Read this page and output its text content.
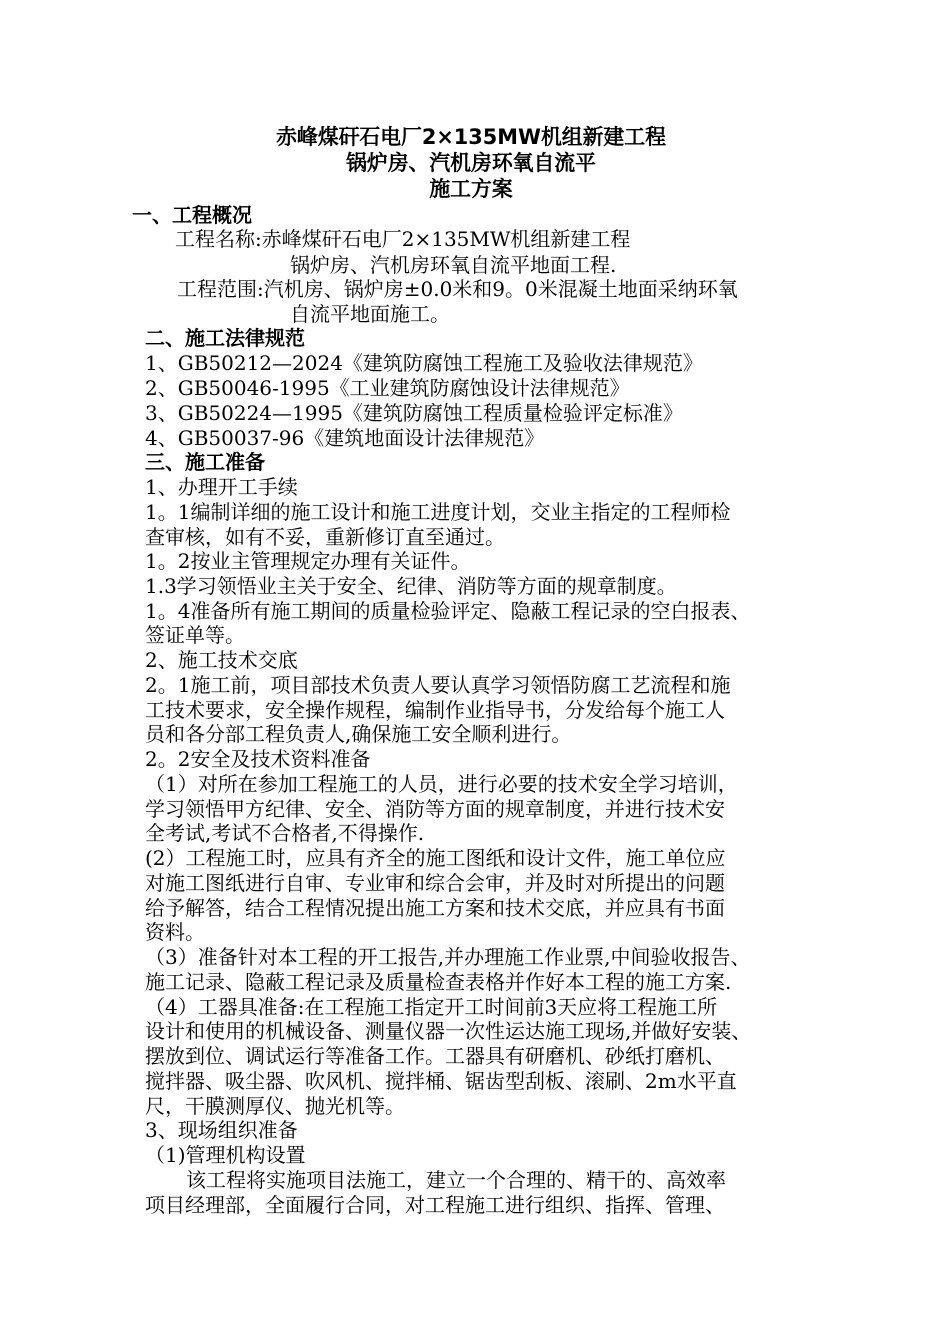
赤峰煤矸石电厂2×135MW机组新建工程
锅炉房、汽机房环氧自流平
施工方案
一、工程概况
工程名称:赤峰煤矸石电厂2×135MW机组新建工程
锅炉房、汽机房环氧自流平地面工程.
工程范围:汽机房、锅炉房±0.0米和9。0米混凝土地面采纳环氧
自流平地面施工。
二、施工法律规范
1、GB50212—2024《建筑防腐蚀工程施工及验收法律规范》
2、GB50046-1995《工业建筑防腐蚀设计法律规范》
3、GB50224—1995《建筑防腐蚀工程质量检验评定标准》
4、GB50037-96《建筑地面设计法律规范》
三、施工准备
1、办理开工手续
1。1编制详细的施工设计和施工进度计划，交业主指定的工程师检
查审核，如有不妥，重新修订直至通过。
1。2按业主管理规定办理有关证件。
1.3学习领悟业主关于安全、纪律、消防等方面的规章制度。
1。4准备所有施工期间的质量检验评定、隐蔽工程记录的空白报表、
签证单等。
2、施工技术交底
2。1施工前，项目部技术负责人要认真学习领悟防腐工艺流程和施
工技术要求，安全操作规程，编制作业指导书，分发给每个施工人
员和各分部工程负责人,确保施工安全顺利进行。
2。2安全及技术资料准备
（1）对所在参加工程施工的人员，进行必要的技术安全学习培训，
学习领悟甲方纪律、安全、消防等方面的规章制度，并进行技术安
全考试,考试不合格者,不得操作.
(2）工程施工时，应具有齐全的施工图纸和设计文件，施工单位应
对施工图纸进行自审、专业审和综合会审，并及时对所提出的问题
给予解答，结合工程情况提出施工方案和技术交底，并应具有书面
资料。
（3）准备针对本工程的开工报告,并办理施工作业票,中间验收报告、
施工记录、隐蔽工程记录及质量检查表格并作好本工程的施工方案.
（4）工器具准备:在工程施工指定开工时间前3天应将工程施工所
设计和使用的机械设备、测量仪器一次性运达施工现场,并做好安装、
摆放到位、调试运行等准备工作。工器具有研磨机、砂纸打磨机、
搅拌器、吸尘器、吹风机、搅拌桶、锯齿型刮板、滚刷、2m水平直
尺，干膜测厚仪、抛光机等。
3、现场组织准备
（1)管理机构设置
该工程将实施项目法施工，建立一个合理的、精干的、高效率
项目经理部，全面履行合同，对工程施工进行组织、指挥、管理、
